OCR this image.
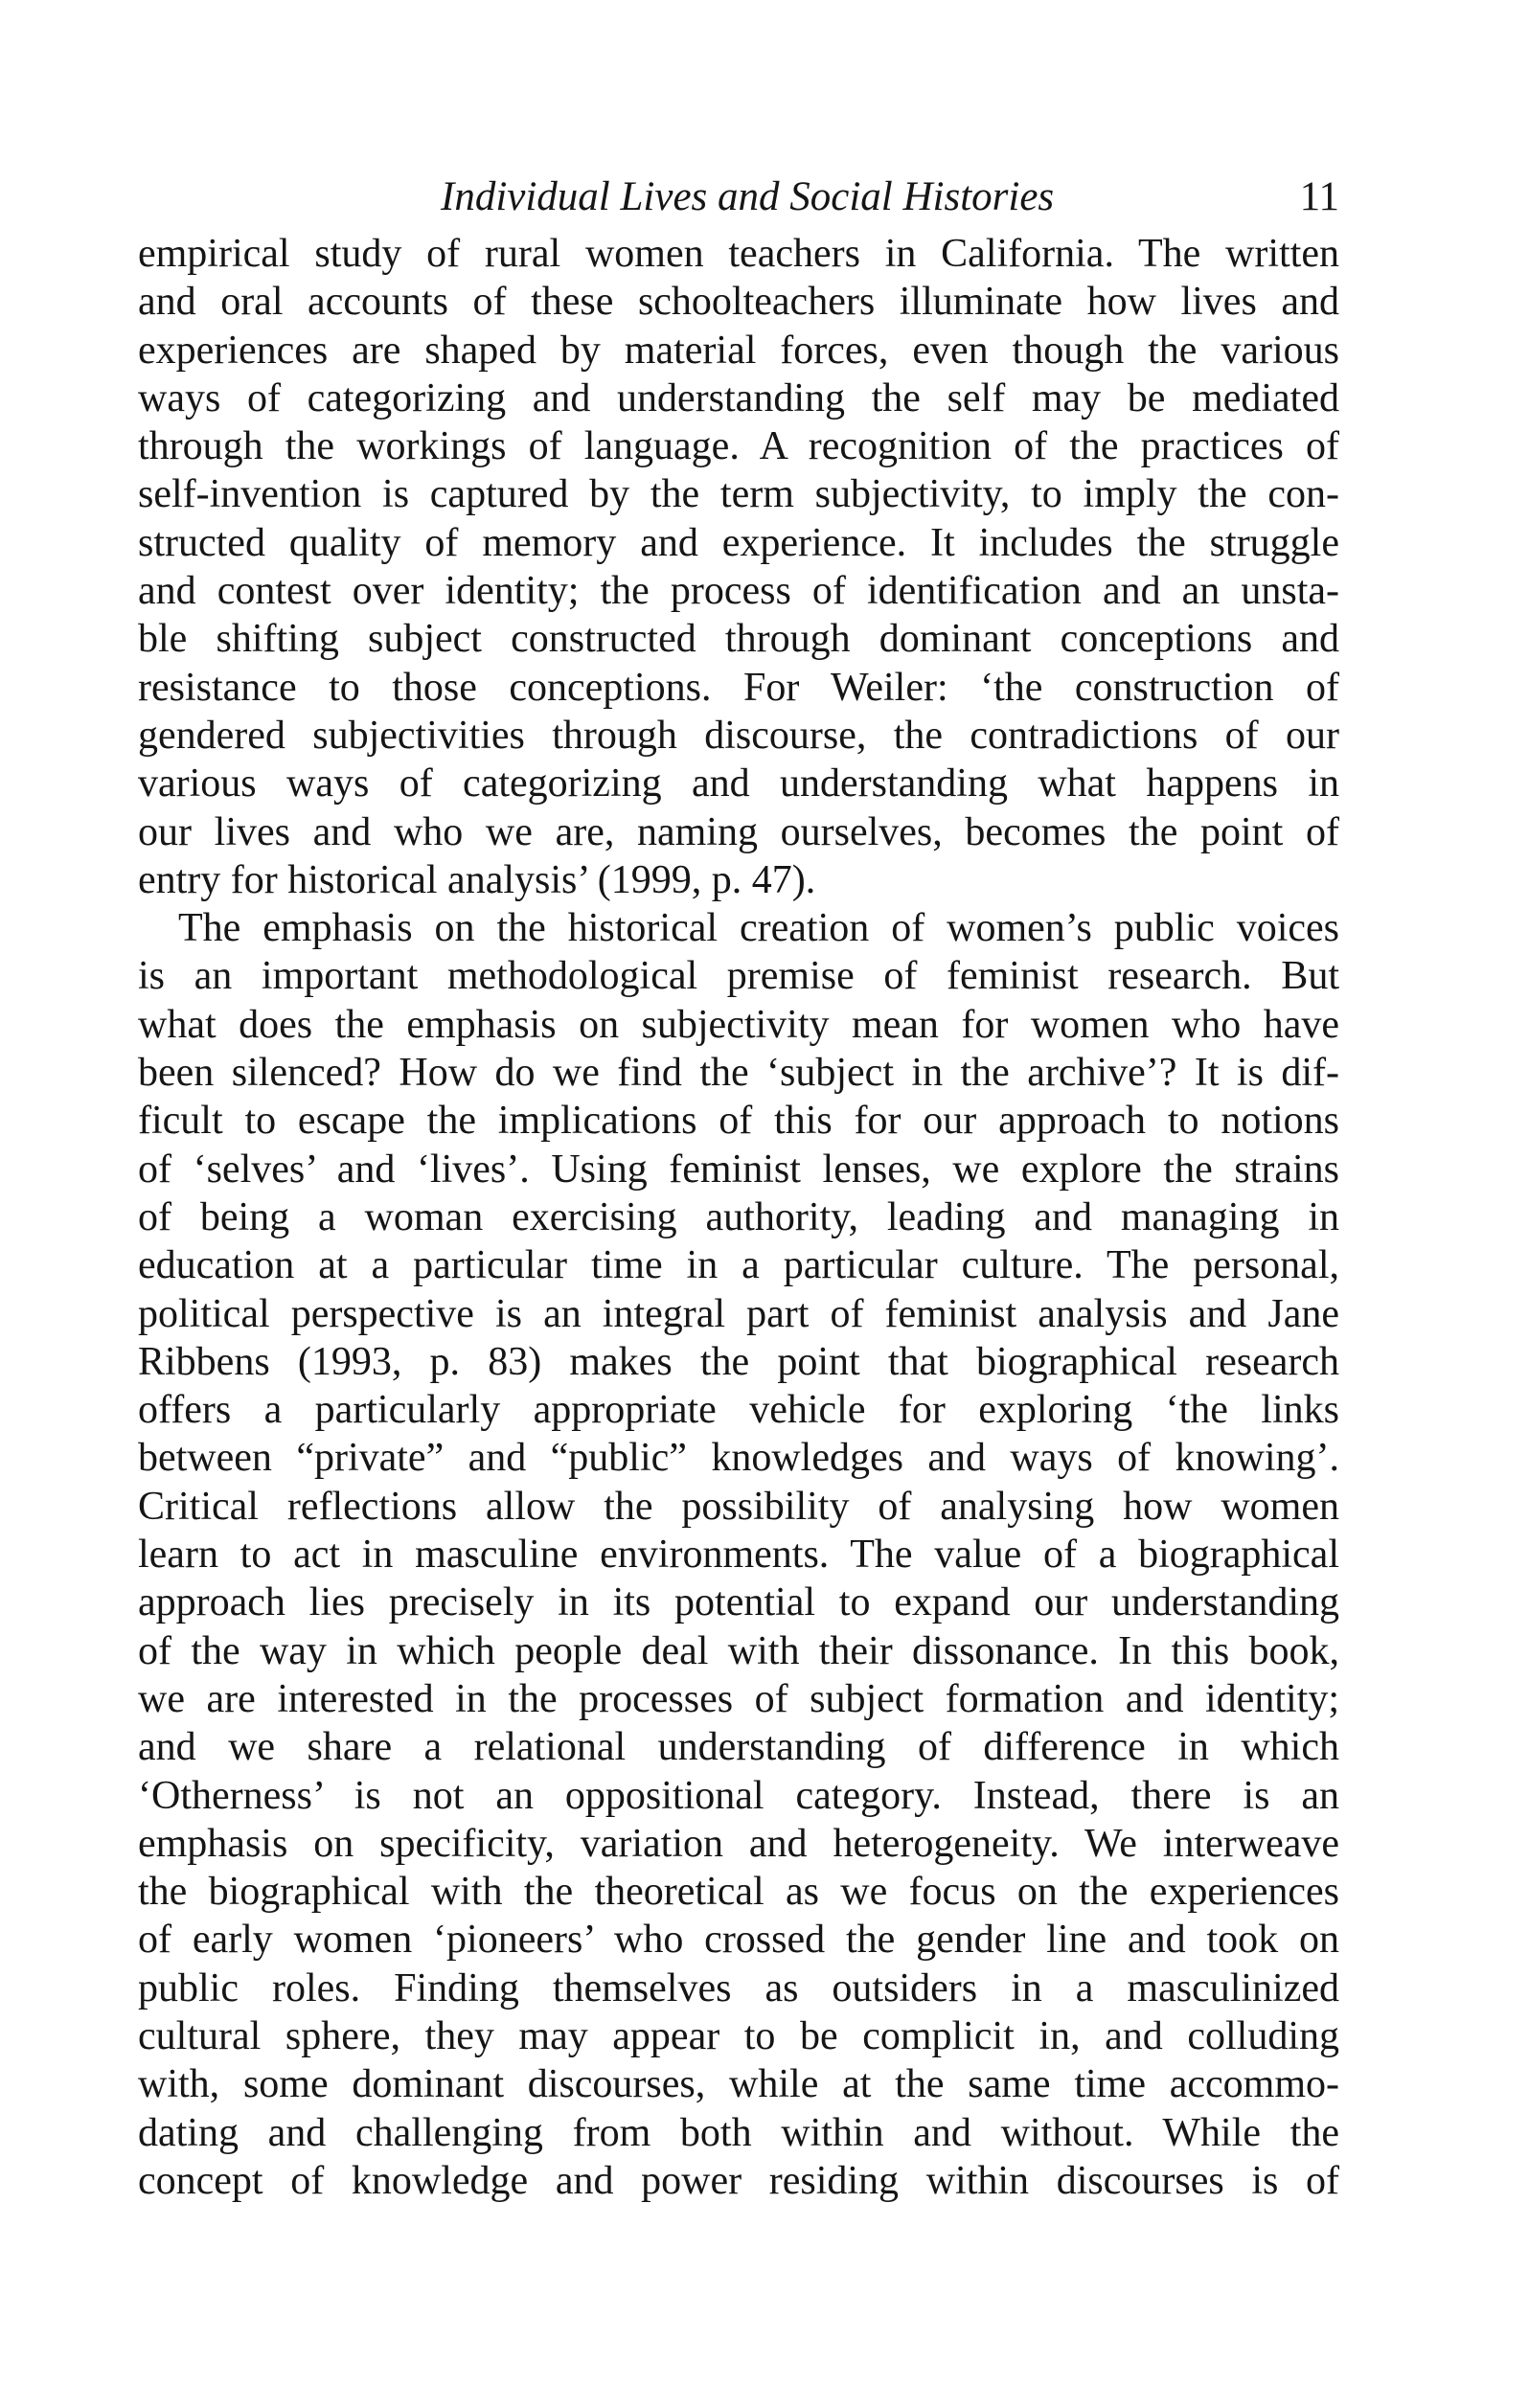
Individual Lives and Social Histories	11
empirical study of rural women teachers in California. The written
and oral accounts of these schoolteachers illuminate how lives and
experiences are shaped by material forces, even though the various
ways of categorizing and understanding the self may be mediated
through the workings of language. A recognition of the practices of
self-invention is captured by the term subjectivity, to imply the con-
structed quality of memory and experience. It includes the struggle
and contest over identity; the process of identification and an unsta-
ble shifting subject constructed through dominant conceptions and
resistance to those conceptions. For Weiler: ‘the construction of
gendered subjectivities through discourse, the contradictions of our
various ways of categorizing and understanding what happens in
our lives and who we are, naming ourselves, becomes the point of
entry for historical analysis’ (1999, p. 47).
The emphasis on the historical creation of women’s public voices
is an important methodological premise of feminist research. But
what does the emphasis on subjectivity mean for women who have
been silenced? How do we find the ‘subject in the archive’? It is dif-
ficult to escape the implications of this for our approach to notions
of ‘selves’ and ‘lives’. Using feminist lenses, we explore the strains
of being a woman exercising authority, leading and managing in
education at a particular time in a particular culture. The personal,
political perspective is an integral part of feminist analysis and Jane
Ribbens (1993, p. 83) makes the point that biographical research
offers a particularly appropriate vehicle for exploring ‘the links
between “private” and “public” knowledges and ways of knowing’.
Critical reflections allow the possibility of analysing how women
learn to act in masculine environments. The value of a biographical
approach lies precisely in its potential to expand our understanding
of the way in which people deal with their dissonance. In this book,
we are interested in the processes of subject formation and identity;
and we share a relational understanding of difference in which
‘Otherness’ is not an oppositional category. Instead, there is an
emphasis on specificity, variation and heterogeneity. We interweave
the biographical with the theoretical as we focus on the experiences
of early women ‘pioneers’ who crossed the gender line and took on
public roles. Finding themselves as outsiders in a masculinized
cultural sphere, they may appear to be complicit in, and colluding
with, some dominant discourses, while at the same time accommo-
dating and challenging from both within and without. While the
concept of knowledge and power residing within discourses is of
